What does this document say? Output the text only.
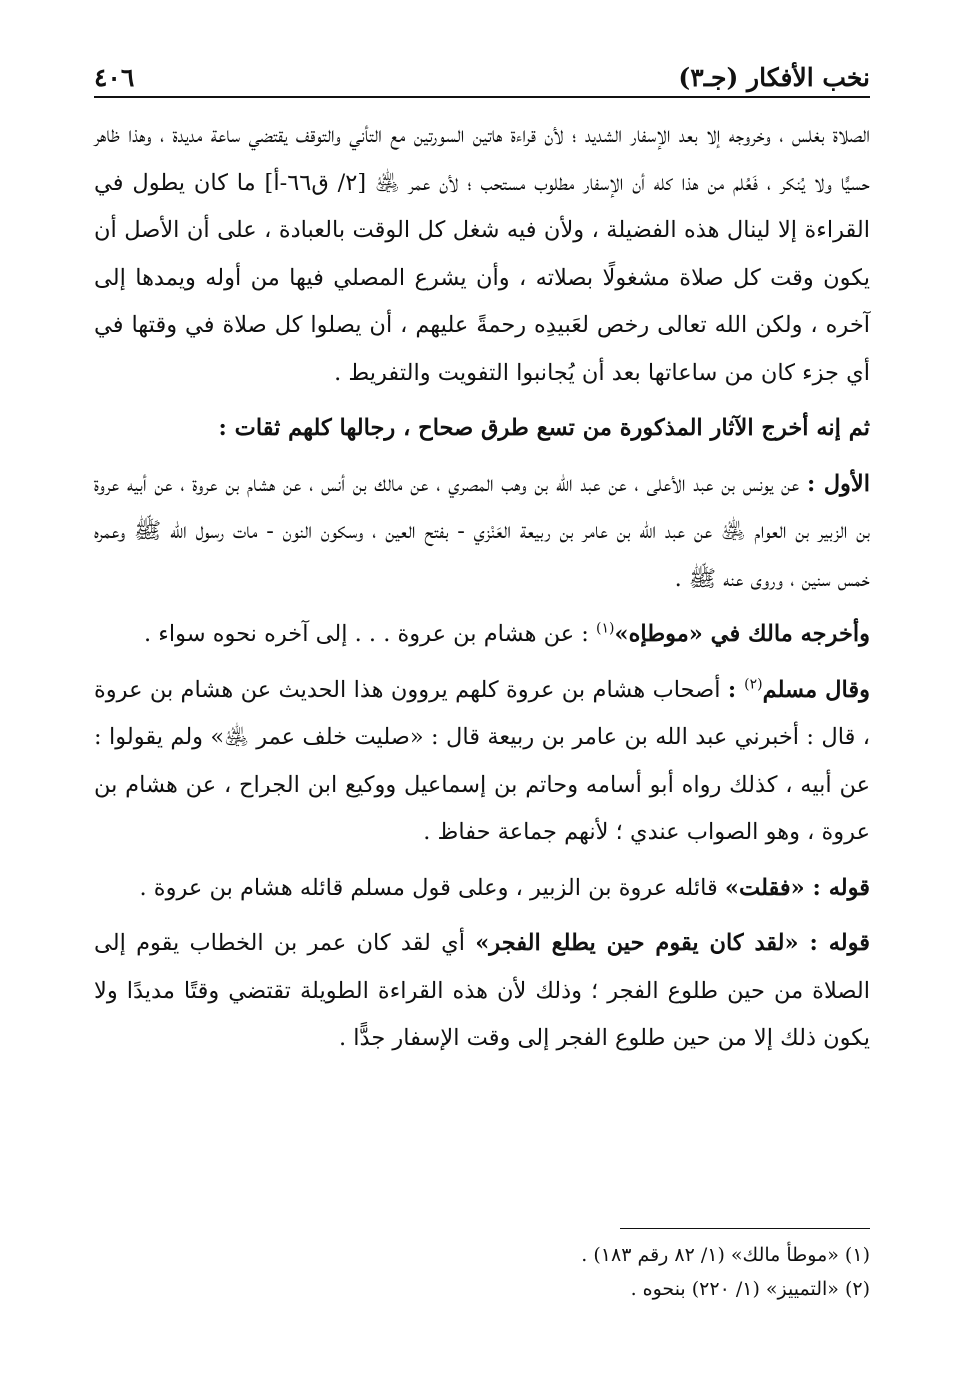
نخب الأفكار (جـ٣)
٤٠٦

الصلاة بغلس ، وخروجه إلا بعد الإسفار الشديد ؛ لأن قراءة هاتين السورتين مع التأني والتوقف يقتضي ساعة مديدة ، وهذا ظاهر حسيًّا ولا يُنكر ، فَعُلم من هذا كله أن الإسفار مطلوب مستحب ؛ لأن عمر ﵁ [٢/ ق٦٦-أ] ما كان يطول في القراءة إلا لينال هذه الفضيلة ، ولأن فيه شغل كل الوقت بالعبادة ، على أن الأصل أن يكون وقت كل صلاة مشغولًا بصلاته ، وأن يشرع المصلي فيها من أوله ويمدها إلى آخره ، ولكن الله تعالى رخص لعَبيدِه رحمةً عليهم ، أن يصلوا كل صلاة في وقتها في أي جزء كان من ساعاتها بعد أن يُجانبوا التفويت والتفريط .

ثم إنه أخرج الآثار المذكورة من تسع طرق صحاح ، رجالها كلهم ثقات :

الأول : عن يونس بن عبد الأعلى ، عن عبد الله بن وهب المصري ، عن مالك بن أنس ، عن هشام بن عروة ، عن أبيه عروة بن الزبير بن العوام ﵁ عن عبد الله بن عامر بن ربيعة العَنْزي - بفتح العين ، وسكون النون - مات رسول الله ﷺ وعمره خمس سنين ، وروى عنه ﷺ .

وأخرجه مالك في «موطإه»$^{(١)}$ : عن هشام بن عروة . . . إلى آخره نحوه سواء .

وقال مسلم$^{(٢)}$ : أصحاب هشام بن عروة كلهم يروون هذا الحديث عن هشام بن عروة ، قال : أخبرني عبد الله بن عامر بن ربيعة قال : «صليت خلف عمر ﵁» ولم يقولوا : عن أبيه ، كذلك رواه أبو أسامه وحاتم بن إسماعيل ووكيع ابن الجراح ، عن هشام بن عروة ، وهو الصواب عندي ؛ لأنهم جماعة حفاظ .

قوله : «فقلت» قائله عروة بن الزبير ، وعلى قول مسلم قائله هشام بن عروة .

قوله : «لقد كان يقوم حين يطلع الفجر» أي لقد كان عمر بن الخطاب يقوم إلى الصلاة من حين طلوع الفجر ؛ وذلك لأن هذه القراءة الطويلة تقتضي وقتًا مديدًا ولا يكون ذلك إلا من حين طلوع الفجر إلى وقت الإسفار جدًّا .

(١) «موطأ مالك» (١/ ٨٢ رقم ١٨٣) .

(٢) «التمييز» (١/ ٢٢٠) بنحوه .
